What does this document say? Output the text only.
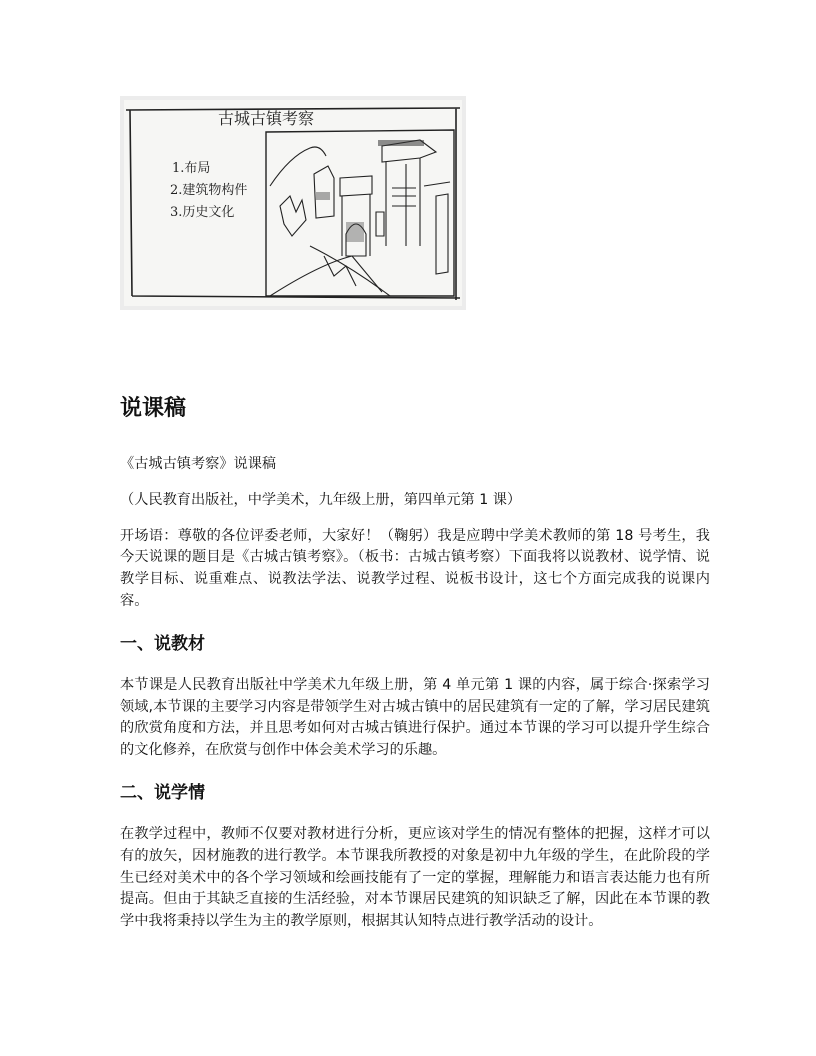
古城古镇考察
1.布局
2.建筑物构件
3.历史文化
说课稿

《古城古镇考察》说课稿

（人民教育出版社，中学美术，九年级上册，第四单元第 1 课）

开场语：尊敬的各位评委老师，大家好！（鞠躬）我是应聘中学美术教师的第 18 号考生，我今天说课的题目是《古城古镇考察》。（板书：古城古镇考察）下面我将以说教材、说学情、说教学目标、说重难点、说教法学法、说教学过程、说板书设计，这七个方面完成我的说课内容。

一、说教材

本节课是人民教育出版社中学美术九年级上册，第 4 单元第 1 课的内容，属于综合·探索学习领域,本节课的主要学习内容是带领学生对古城古镇中的居民建筑有一定的了解，学习居民建筑的欣赏角度和方法，并且思考如何对古城古镇进行保护。通过本节课的学习可以提升学生综合的文化修养，在欣赏与创作中体会美术学习的乐趣。

二、说学情

在教学过程中，教师不仅要对教材进行分析，更应该对学生的情况有整体的把握，这样才可以有的放矢，因材施教的进行教学。本节课我所教授的对象是初中九年级的学生，在此阶段的学生已经对美术中的各个学习领域和绘画技能有了一定的掌握，理解能力和语言表达能力也有所提高。但由于其缺乏直接的生活经验，对本节课居民建筑的知识缺乏了解，因此在本节课的教学中我将秉持以学生为主的教学原则，根据其认知特点进行教学活动的设计。
